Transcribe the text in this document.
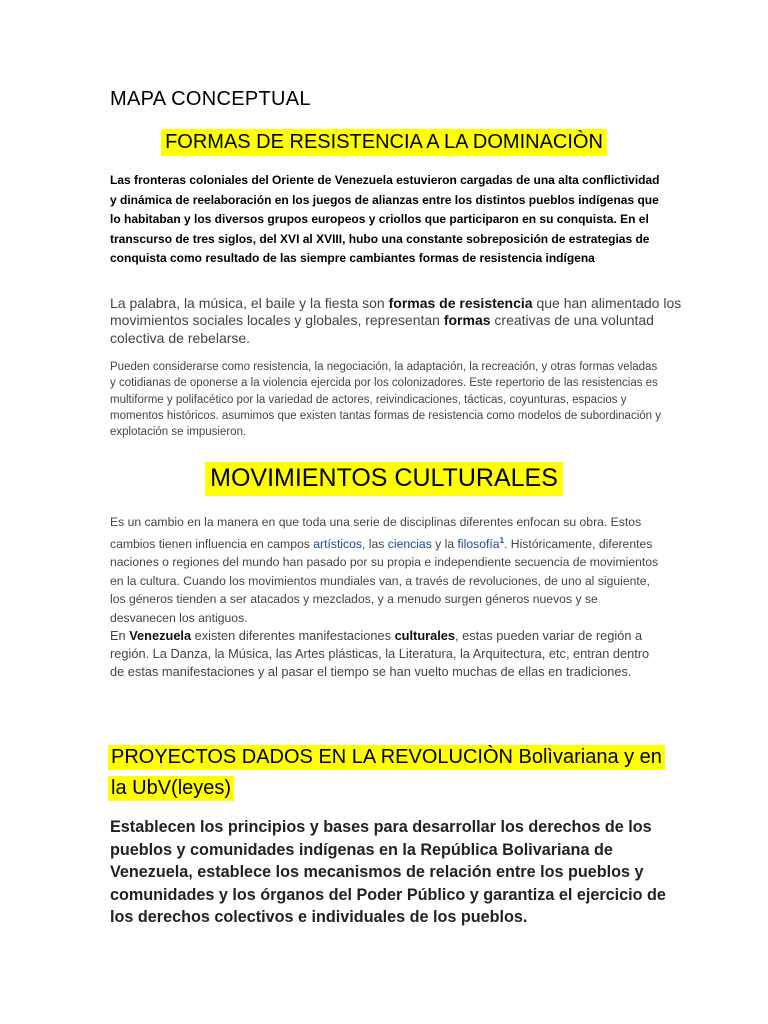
MAPA CONCEPTUAL
FORMAS DE RESISTENCIA A LA DOMINACIÒN

Las fronteras coloniales del Oriente de Venezuela estuvieron cargadas de una alta conflictividad y dinámica de reelaboración en los juegos de alianzas entre los distintos pueblos indígenas que lo habitaban y los diversos grupos europeos y criollos que participaron en su conquista. En el transcurso de tres siglos, del XVI al XVIII, hubo una constante sobreposición de estrategias de conquista como resultado de las siempre cambiantes formas de resistencia indígena

La palabra, la música, el baile y la fiesta son formas de resistencia que han alimentado los movimientos sociales locales y globales, representan formas creativas de una voluntad colectiva de rebelarse.

Pueden considerarse como resistencia, la negociación, la adaptación, la recreación, y otras formas veladas y cotidianas de oponerse a la violencia ejercida por los colonizadores. Este repertorio de las resistencias es multiforme y polifacético por la variedad de actores, reivindicaciones, tácticas, coyunturas, espacios y momentos históricos. asumimos que existen tantas formas de resistencia como modelos de subordinación y explotación se impusieron.

MOVIMIENTOS CULTURALES

Es un cambio en la manera en que toda una serie de disciplinas diferentes enfocan su obra. Estos cambios tienen influencia en campos artísticos, las ciencias y la filosofía$^1$. Históricamente, diferentes naciones o regiones del mundo han pasado por su propia e independiente secuencia de movimientos en la cultura. Cuando los movimientos mundiales van, a través de revoluciones, de uno al siguiente, los géneros tienden a ser atacados y mezclados, y a menudo surgen géneros nuevos y se desvanecen los antiguos.

En Venezuela existen diferentes manifestaciones culturales, estas pueden variar de región a región. La Danza, la Música, las Artes plásticas, la Literatura, la Arquitectura, etc, entran dentro de estas manifestaciones y al pasar el tiempo se han vuelto muchas de ellas en tradiciones.

PROYECTOS DADOS EN LA REVOLUCIÒN Bolìvariana y en la UbV(leyes)

Establecen los principios y bases para desarrollar los derechos de los pueblos y comunidades indígenas en la República Bolivariana de Venezuela, establece los mecanismos de relación entre los pueblos y comunidades y los órganos del Poder Público y garantiza el ejercicio de los derechos colectivos e individuales de los pueblos.
